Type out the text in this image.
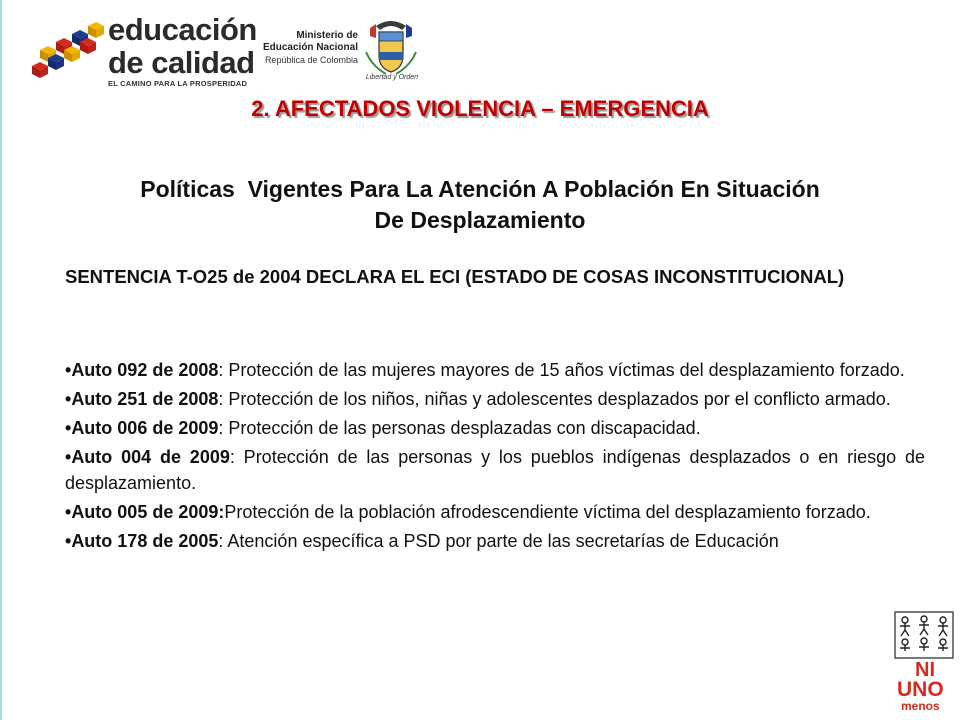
educación
de calidad
EL CAMINO PARA LA PROSPERIDAD
Ministerio de
Educación Nacional
República de Colombia
Libertad y Orden
2. AFECTADOS VIOLENCIA – EMERGENCIA
Políticas  Vigentes Para La Atención A Población En Situación
De Desplazamiento
SENTENCIA T-O25 de 2004 DECLARA EL ECI (ESTADO DE COSAS INCONSTITUCIONAL)
•Auto 092 de 2008: Protección de las mujeres mayores de 15 años víctimas del desplazamiento forzado.
•Auto 251 de 2008: Protección de los niños, niñas y adolescentes desplazados por el conflicto armado.
•Auto 006 de 2009: Protección de las personas desplazadas con discapacidad.
•Auto 004 de 2009: Protección de las personas y los pueblos indígenas desplazados o en riesgo de desplazamiento.
•Auto 005 de 2009:Protección de la población afrodescendiente víctima del desplazamiento forzado.
•Auto 178 de 2005: Atención específica a PSD por parte de las secretarías de Educación
NI
UNO
menos
